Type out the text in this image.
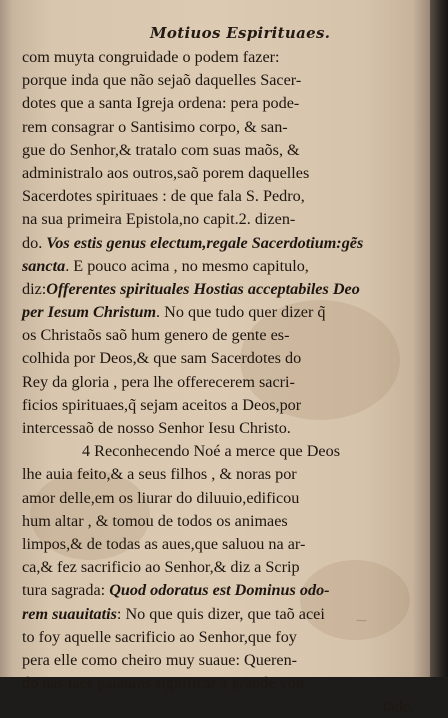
Motiuos Espirituaes.
com muyta congruidade o podem fazer:
porque inda que não sejaõ daquelles Sacer-
dotes que a santa Igreja ordena: pera pode-
rem consagrar o Santisimo corpo, & san-
gue do Senhor,& tratalo com suas maõs, &
administralo aos outros,saõ porem daquelles
Sacerdotes spirituaes : de que fala S. Pedro,
na sua primeira Epistola,no capit.2. dizen-
do. Vos estis genus electum,regale Sacerdotium:gẽs
sancta. E pouco acima , no mesmo capitulo,
diz:Offerentes spirituales Hostias acceptabiles Deo
per Iesum Christum. No que tudo quer dizer q̃
os Christaõs saõ hum genero de gente es-
colhida por Deos,& que sam Sacerdotes do
Rey da gloria , pera lhe offerecerem sacri-
ficios spirituaes,q̃ sejam aceitos a Deos,por
intercessaõ de nosso Senhor Iesu Christo.
4 Reconhecendo Noé a merce que Deos
lhe auia feito,& a seus filhos , & noras por
amor delle,em os liurar do diluuio,edificou
hum altar , & tomou de todos os animaes
limpos,& de todas as aues,que saluou na ar-
ca,& fez sacrificio ao Senhor,& diz a Scrip
tura sagrada: Quod odoratus est Dominus odo-
rem suauitatis: No que quis dizer, que taõ acei
to foy aquelle sacrificio ao Senhor,que foy
pera elle como cheiro muy suaue: Queren-
do nas taes palauras significar a grande von
tade,
⁓
